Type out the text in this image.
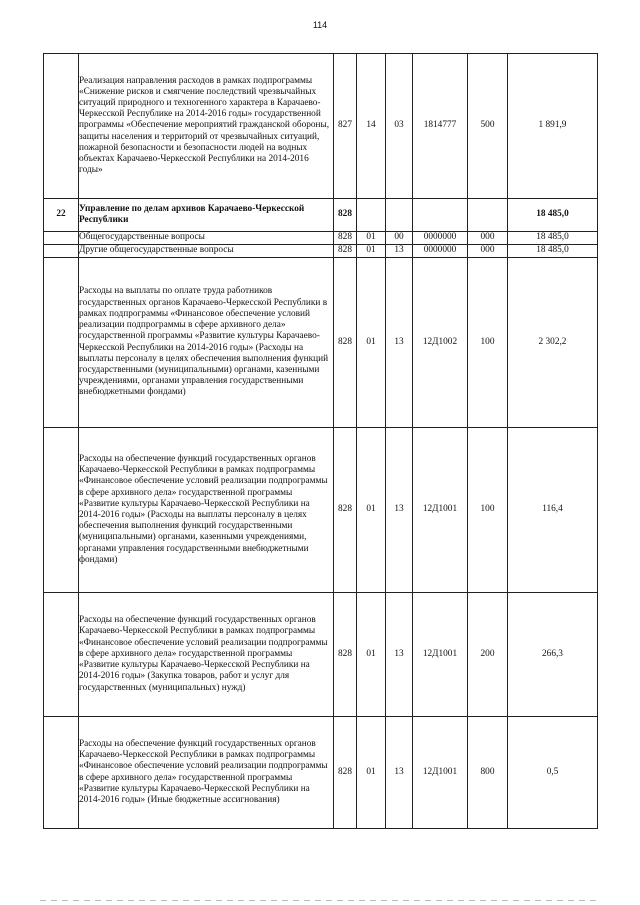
114
	Реализация направления расходов в рамках подпрограммы «Снижение рисков и смягчение последствий чрезвычайных ситуаций природного и техногенного характера в Карачаево-Черкесской Республике на 2014-2016 годы» государственной программы «Обеспечение мероприятий гражданской обороны, защиты населения и территорий от чрезвычайных ситуаций, пожарной безопасности и безопасности людей на водных объектах Карачаево-Черкесской Республики на 2014-2016 годы»	827	14	03	1814777	500	1 891,9
22	Управление по делам архивов Карачаево-Черкесской Республики	828					18 485,0
	Общегосударственные вопросы	828	01	00	0000000	000	18 485,0
	Другие общегосударственные вопросы	828	01	13	0000000	000	18 485,0
	Расходы на выплаты по оплате труда работников государственных органов Карачаево-Черкесской Республики в рамках подпрограммы «Финансовое обеспечение условий реализации подпрограммы в сфере архивного дела» государственной программы «Развитие культуры Карачаево-Черкесской Республики на 2014-2016 годы» (Расходы на выплаты персоналу в целях обеспечения выполнения функций государственными (муниципальными) органами, казенными учреждениями, органами управления государственными внебюджетными фондами)	828	01	13	12Д1002	100	2 302,2
	Расходы на обеспечение функций государственных органов Карачаево-Черкесской Республики в рамках подпрограммы «Финансовое обеспечение условий реализации подпрограммы в сфере архивного дела» государственной программы «Развитие культуры Карачаево-Черкесской Республики на 2014-2016 годы» (Расходы на выплаты персоналу в целях обеспечения выполнения функций государственными (муниципальными) органами, казенными учреждениями, органами управления государственными внебюджетными фондами)	828	01	13	12Д1001	100	116,4
	Расходы на обеспечение функций государственных органов Карачаево-Черкесской Республики в рамках подпрограммы «Финансовое обеспечение условий реализации подпрограммы в сфере архивного дела» государственной программы «Развитие культуры Карачаево-Черкесской Республики на 2014-2016 годы» (Закупка товаров, работ и услуг для государственных (муниципальных) нужд)	828	01	13	12Д1001	200	266,3
	Расходы на обеспечение функций государственных органов Карачаево-Черкесской Республики в рамках подпрограммы «Финансовое обеспечение условий реализации подпрограммы в сфере архивного дела» государственной программы «Развитие культуры Карачаево-Черкесской Республики на 2014-2016 годы» (Иные бюджетные ассигнования)	828	01	13	12Д1001	800	0,5
